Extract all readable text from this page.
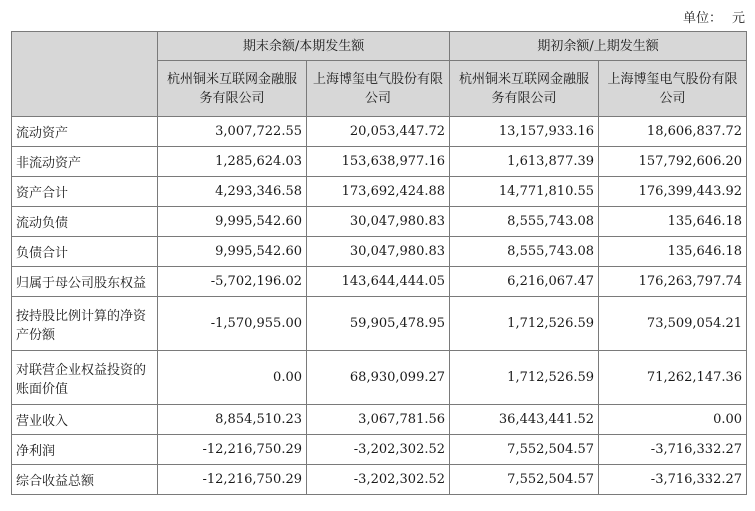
单位： 元
	期末余额/本期发生额		期初余额/上期发生额	
	杭州铜米互联网金融服务有限公司	上海博玺电气股份有限公司	杭州铜米互联网金融服务有限公司	上海博玺电气股份有限公司
流动资产	3,007,722.55	20,053,447.72	13,157,933.16	18,606,837.72
非流动资产	1,285,624.03	153,638,977.16	1,613,877.39	157,792,606.20
资产合计	4,293,346.58	173,692,424.88	14,771,810.55	176,399,443.92
流动负债	9,995,542.60	30,047,980.83	8,555,743.08	135,646.18
负债合计	9,995,542.60	30,047,980.83	8,555,743.08	135,646.18
归属于母公司股东权益	-5,702,196.02	143,644,444.05	6,216,067.47	176,263,797.74
按持股比例计算的净资产份额	-1,570,955.00	59,905,478.95	1,712,526.59	73,509,054.21
对联营企业权益投资的账面价值	0.00	68,930,099.27	1,712,526.59	71,262,147.36
营业收入	8,854,510.23	3,067,781.56	36,443,441.52	0.00
净利润	-12,216,750.29	-3,202,302.52	7,552,504.57	-3,716,332.27
综合收益总额	-12,216,750.29	-3,202,302.52	7,552,504.57	-3,716,332.27
